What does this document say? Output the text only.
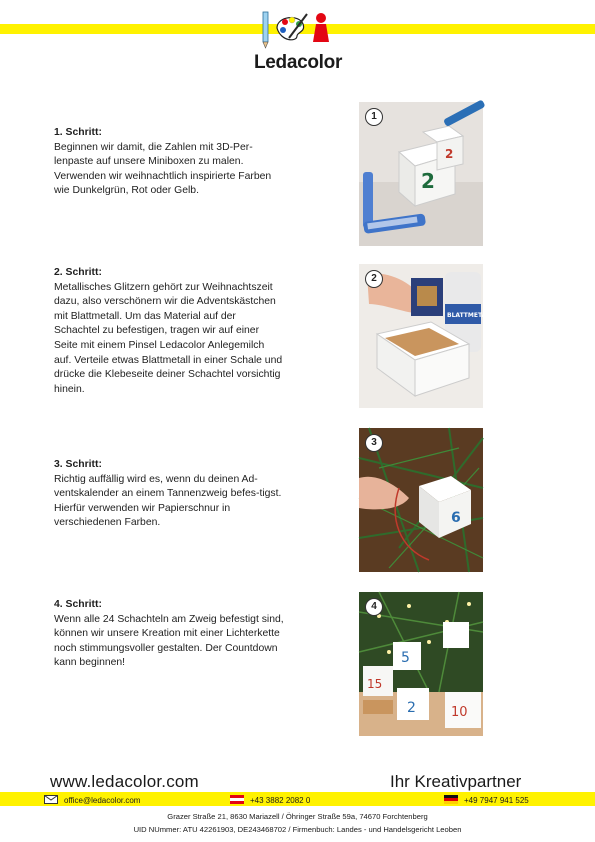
Ledacolor
1. Schritt:
Beginnen wir damit, die Zahlen mit 3D-Per-lenpaste auf unsere Miniboxen zu malen. Verwenden wir weihnachtlich inspirierte Farben wie Dunkelgrün, Rot oder Gelb.	2
2
1
2. Schritt:
Metallisches Glitzern gehört zur Weihnachtszeit dazu, also verschönern wir die Adventskästchen mit Blattmetall. Um das Material auf der Schachtel zu befestigen, tragen wir auf einer Seite mit einem Pinsel Ledacolor Anlegemilch auf. Verteile etwas Blattmetall in einer Schale und drücke die Klebeseite deiner Schachtel vorsichtig hinein.
BLATTMETALL
2
3. Schritt:
Richtig auffällig wird es, wenn du deinen Ad-ventskalender an einem Tannenzweig befes-tigst. Hierfür verwenden wir Papierschnur in verschiedenen Farben.	6
3
4. Schritt:
Wenn alle 24 Schachteln am Zweig befestigt sind, können wir unsere Kreation mit einer Lichterkette noch stimmungsvoller gestalten. Der Countdown kann beginnen!	5
15
2	10
4
www.ledacolor.com	Ihr Kreativpartner
office@ledacolor.com	+43 3882 2082 0	+49 7947 941 525
Grazer Straße 21, 8630 Mariazell / Öhringer Straße 59a, 74670 Forchtenberg
UID NUmmer: ATU 42261903, DE243468702 / Firmenbuch: Landes - und Handelsgericht Leoben
